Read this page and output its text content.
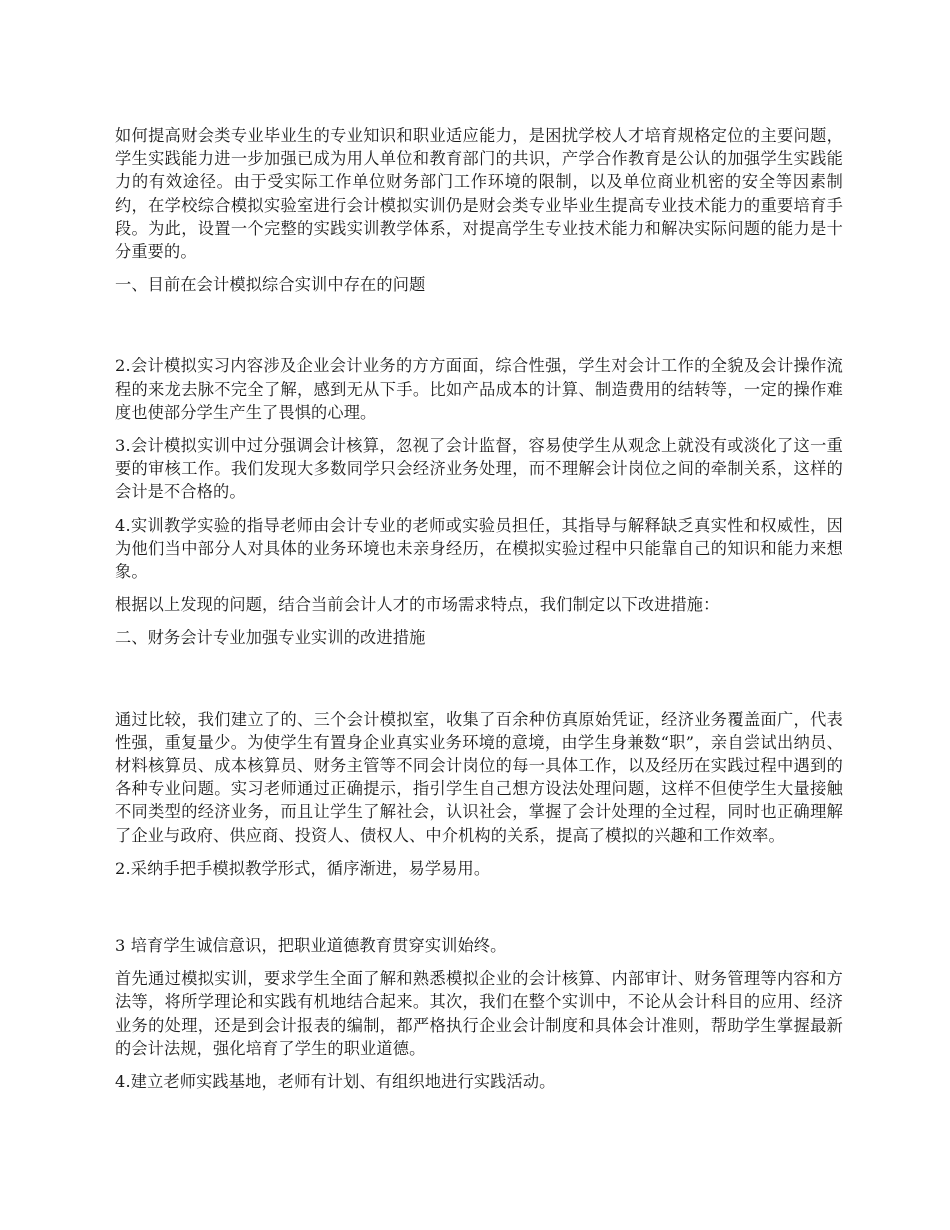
如何提高财会类专业毕业生的专业知识和职业适应能力，是困扰学校人才培育规格定位的主要问题，学生实践能力进一步加强已成为用人单位和教育部门的共识，产学合作教育是公认的加强学生实践能力的有效途径。由于受实际工作单位财务部门工作环境的限制，以及单位商业机密的安全等因素制约，在学校综合模拟实验室进行会计模拟实训仍是财会类专业毕业生提高专业技术能力的重要培育手段。为此，设置一个完整的实践实训教学体系，对提高学生专业技术能力和解决实际问题的能力是十分重要的。

一、目前在会计模拟综合实训中存在的问题

2.会计模拟实习内容涉及企业会计业务的方方面面，综合性强，学生对会计工作的全貌及会计操作流程的来龙去脉不完全了解，感到无从下手。比如产品成本的计算、制造费用的结转等，一定的操作难度也使部分学生产生了畏惧的心理。

3.会计模拟实训中过分强调会计核算，忽视了会计监督，容易使学生从观念上就没有或淡化了这一重要的审核工作。我们发现大多数同学只会经济业务处理，而不理解会计岗位之间的牵制关系，这样的会计是不合格的。

4.实训教学实验的指导老师由会计专业的老师或实验员担任，其指导与解释缺乏真实性和权威性，因为他们当中部分人对具体的业务环境也未亲身经历，在模拟实验过程中只能靠自己的知识和能力来想象。

根据以上发现的问题，结合当前会计人才的市场需求特点，我们制定以下改进措施：

二、财务会计专业加强专业实训的改进措施

通过比较，我们建立了的、三个会计模拟室，收集了百余种仿真原始凭证，经济业务覆盖面广，代表性强，重复量少。为使学生有置身企业真实业务环境的意境，由学生身兼数“职”，亲自尝试出纳员、材料核算员、成本核算员、财务主管等不同会计岗位的每一具体工作，以及经历在实践过程中遇到的各种专业问题。实习老师通过正确提示，指引学生自己想方设法处理问题，这样不但使学生大量接触不同类型的经济业务，而且让学生了解社会，认识社会，掌握了会计处理的全过程，同时也正确理解了企业与政府、供应商、投资人、债权人、中介机构的关系，提高了模拟的兴趣和工作效率。

2.采纳手把手模拟教学形式，循序渐进，易学易用。

3 培育学生诚信意识，把职业道德教育贯穿实训始终。

首先通过模拟实训，要求学生全面了解和熟悉模拟企业的会计核算、内部审计、财务管理等内容和方法等，将所学理论和实践有机地结合起来。其次，我们在整个实训中，不论从会计科目的应用、经济业务的处理，还是到会计报表的编制，都严格执行企业会计制度和具体会计准则，帮助学生掌握最新的会计法规，强化培育了学生的职业道德。

4.建立老师实践基地，老师有计划、有组织地进行实践活动。
